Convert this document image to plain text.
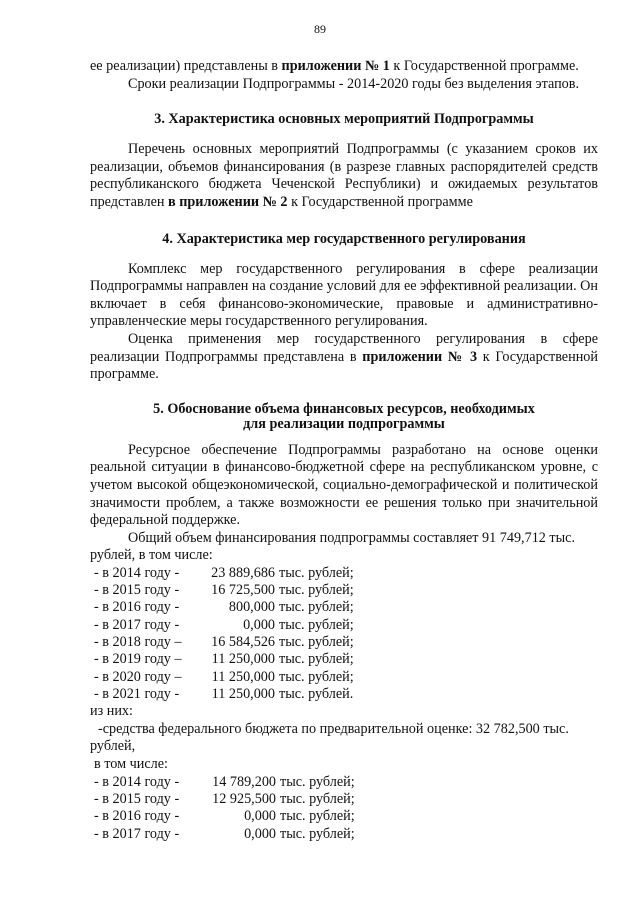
89

ее реализации) представлены в приложении № 1 к Государственной программе.

Сроки реализации Подпрограммы - 2014-2020 годы без выделения этапов.

3. Характеристика основных мероприятий Подпрограммы

Перечень основных мероприятий Подпрограммы (с указанием сроков их реализации, объемов финансирования (в разрезе главных распорядителей средств республиканского бюджета Чеченской Республики) и ожидаемых результатов представлен в приложении № 2 к Государственной программе

4. Характеристика мер государственного регулирования

Комплекс мер государственного регулирования в сфере реализации Подпрограммы направлен на создание условий для ее эффективной реализации. Он включает в себя финансово-экономические, правовые и административно-управленческие меры государственного регулирования.

Оценка применения мер государственного регулирования в сфере реализации Подпрограммы представлена в приложении № 3 к Государственной программе.

5. Обоснование объема финансовых ресурсов, необходимых
для реализации подпрограммы

Ресурсное обеспечение Подпрограммы разработано на основе оценки реальной ситуации в финансово-бюджетной сфере на республиканском уровне, с учетом высокой общеэкономической, социально-демографической и политической значимости проблем, а также возможности ее решения только при значительной федеральной поддержке.

Общий объем финансирования подпрограммы составляет 91 749,712 тыс. рублей, в том числе:

- в 2014 году -	23 889,686 тыс. рублей;
- в 2015 году -	16 725,500 тыс. рублей;
- в 2016 году -	800,000 тыс. рублей;
- в 2017 году -	0,000 тыс. рублей;
- в 2018 году –	16 584,526 тыс. рублей;
- в 2019 году –	11 250,000 тыс. рублей;
- в 2020 году –	11 250,000 тыс. рублей;
- в 2021 году -	11 250,000 тыс. рублей.

из них:

-средства федерального бюджета по предварительной оценке: 32 782,500 тыс. рублей,

в том числе:

- в 2014 году -	14 789,200 тыс. рублей;
- в 2015 году -	12 925,500 тыс. рублей;
- в 2016 году -	0,000 тыс. рублей;
- в 2017 году -	0,000 тыс. рублей;
